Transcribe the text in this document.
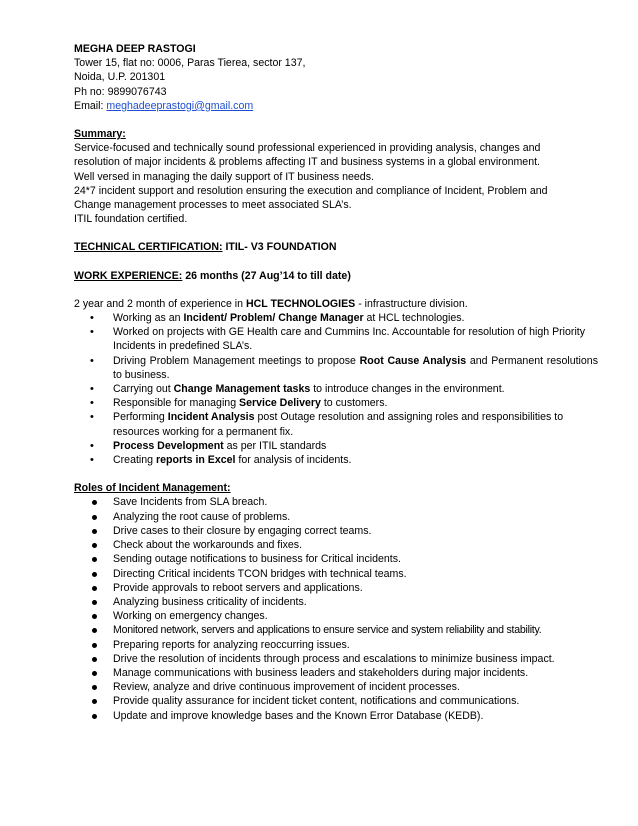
MEGHA DEEP RASTOGI
Tower 15, flat no: 0006, Paras Tierea, sector 137,
Noida, U.P. 201301
Ph no: 9899076743
Email: meghadeeprastogi@gmail.com
Summary:
Service-focused and technically sound professional experienced in providing analysis, changes and
resolution of major incidents & problems affecting IT and business systems in a global environment.
Well versed in managing the daily support of IT business needs.
24*7 incident support and resolution ensuring the execution and compliance of Incident, Problem and
Change management processes to meet associated SLA’s.
ITIL foundation certified.
TECHNICAL CERTIFICATION: ITIL- V3 FOUNDATION
WORK EXPERIENCE: 26 months (27 Aug’14 to till date)
2 year and 2 month of experience in HCL TECHNOLOGIES - infrastructure division.
• Working as an Incident/ Problem/ Change Manager at HCL technologies.
• Worked on projects with GE Health care and Cummins Inc. Accountable for resolution of high Priority Incidents in predefined SLA’s.
• Driving Problem Management meetings to propose Root Cause Analysis and Permanent resolutions to business.
• Carrying out Change Management tasks to introduce changes in the environment.
• Responsible for managing Service Delivery to customers.
• Performing Incident Analysis post Outage resolution and assigning roles and responsibilities to resources working for a permanent fix.
• Process Development as per ITIL standards
• Creating reports in Excel for analysis of incidents.
Roles of Incident Management:
Save Incidents from SLA breach.
Analyzing the root cause of problems.
Drive cases to their closure by engaging correct teams.
Check about the workarounds and fixes.
Sending outage notifications to business for Critical incidents.
Directing Critical incidents TCON bridges with technical teams.
Provide approvals to reboot servers and applications.
Analyzing business criticality of incidents.
Working on emergency changes.
Monitored network, servers and applications to ensure service and system reliability and stability.
Preparing reports for analyzing reoccurring issues.
Drive the resolution of incidents through process and escalations to minimize business impact.
Manage communications with business leaders and stakeholders during major incidents.
Review, analyze and drive continuous improvement of incident processes.
Provide quality assurance for incident ticket content, notifications and communications.
Update and improve knowledge bases and the Known Error Database (KEDB).
